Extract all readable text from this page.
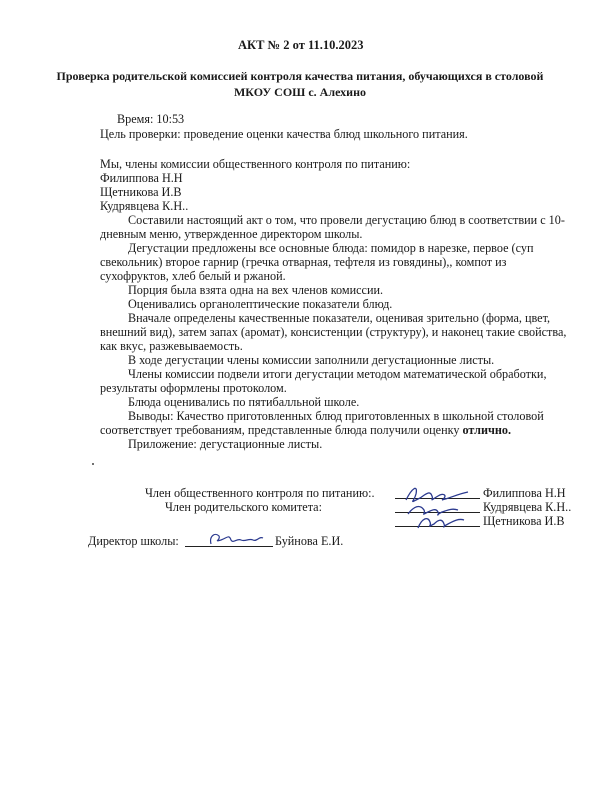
АКТ № 2 от 11.10.2023
Проверка родительской комиссией контроля качества питания, обучающихся в столовой МКОУ СОШ с. Алехино
Время: 10:53
Цель проверки: проведение оценки качества блюд школьного питания.
Мы, члены комиссии общественного контроля по питанию:
Филиппова Н.Н
Щетникова И.В
Кудрявцева К.Н..

Составили настоящий акт о том, что провели дегустацию блюд в соответствии с 10-дневным меню, утвержденное директором школы.

Дегустации предложены все основные блюда: помидор в нарезке, первое (суп свекольник) второе гарнир (гречка отварная, тефтеля из говядины),, компот из сухофруктов, хлеб белый и ржаной.

Порция была взята одна на вех членов комиссии.

Оценивались органолептические показатели блюд.

Вначале определены качественные показатели, оценивая зрительно (форма, цвет, внешний вид), затем запах (аромат), консистенции (структуру), и наконец такие свойства, как вкус, разжевываемость.

В ходе дегустации члены комиссии заполнили дегустационные листы.

Члены комиссии подвели итоги дегустации методом математической обработки, результаты оформлены протоколом.

Блюда оценивались по пятибалльной школе.

Выводы: Качество приготовленных блюд приготовленных в школьной столовой соответствует требованиям, представленные блюда получили оценку отлично.

Приложение: дегустационные листы.

Член общественного контроля по питанию:.
Член родительского комитета:
Филиппова Н.Н
Кудрявцева К.Н..
Щетникова И.В
Директор школы:	Буйнова Е.И.
